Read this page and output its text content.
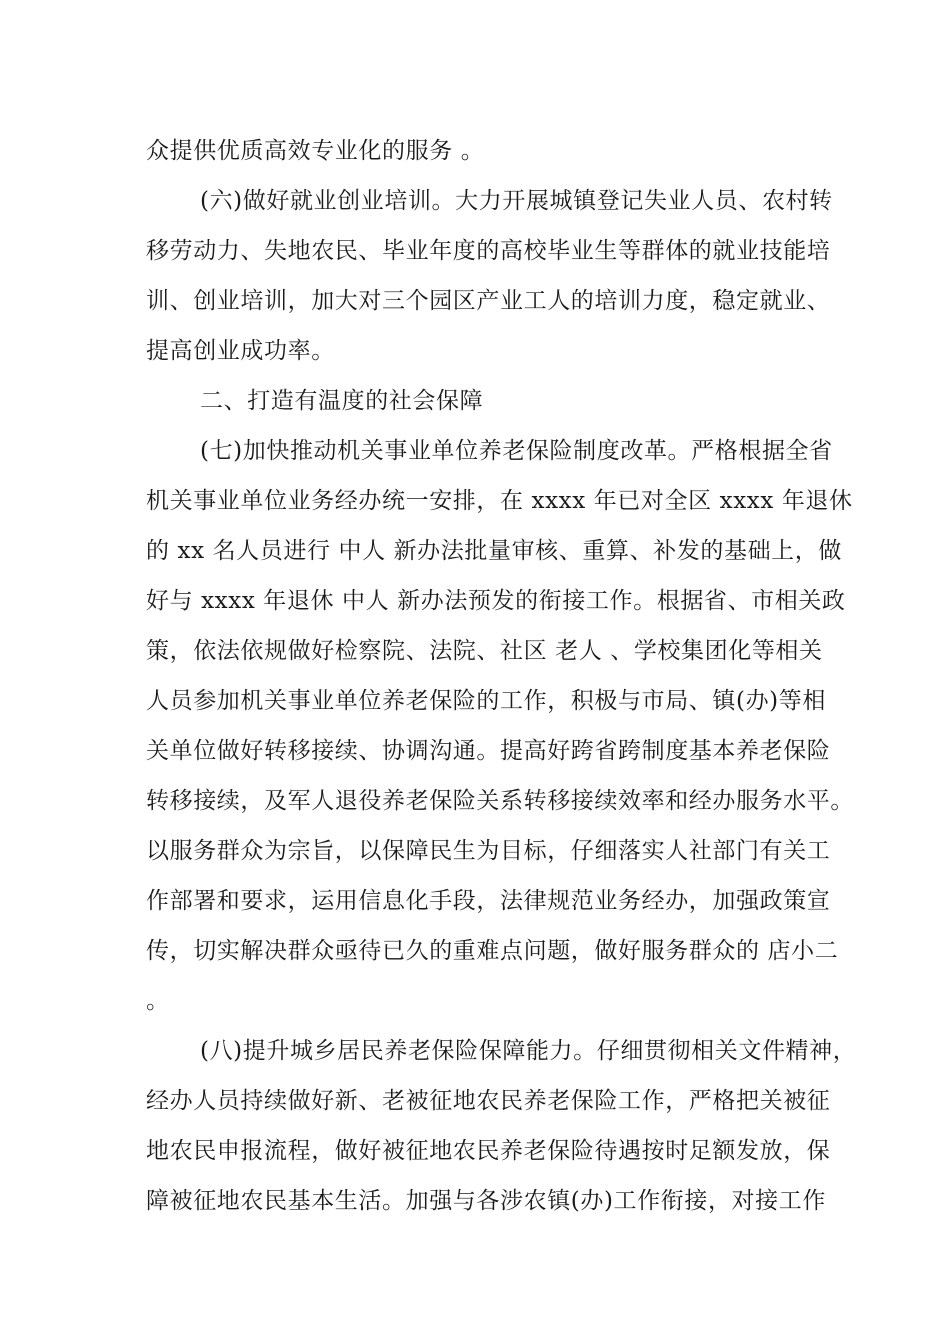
众提供优质高效专业化的服务 。
(六)做好就业创业培训。大力开展城镇登记失业人员、农村转
移劳动力、失地农民、毕业年度的高校毕业生等群体的就业技能培
训、创业培训，加大对三个园区产业工人的培训力度，稳定就业、
提高创业成功率。
二、打造有温度的社会保障
(七)加快推动机关事业单位养老保险制度改革。严格根据全省
机关事业单位业务经办统一安排，在 xxxx 年已对全区 xxxx 年退休
的 xx 名人员进行 中人 新办法批量审核、重算、补发的基础上，做
好与 xxxx 年退休 中人 新办法预发的衔接工作。根据省、市相关政
策，依法依规做好检察院、法院、社区 老人 、学校集团化等相关
人员参加机关事业单位养老保险的工作，积极与市局、镇(办)等相
关单位做好转移接续、协调沟通。提高好跨省跨制度基本养老保险
转移接续，及军人退役养老保险关系转移接续效率和经办服务水平。
以服务群众为宗旨，以保障民生为目标，仔细落实人社部门有关工
作部署和要求，运用信息化手段，法律规范业务经办，加强政策宣
传，切实解决群众亟待已久的重难点问题，做好服务群众的 店小二
。
(八)提升城乡居民养老保险保障能力。仔细贯彻相关文件精神，
经办人员持续做好新、老被征地农民养老保险工作，严格把关被征
地农民申报流程，做好被征地农民养老保险待遇按时足额发放，保
障被征地农民基本生活。加强与各涉农镇(办)工作衔接，对接工作
